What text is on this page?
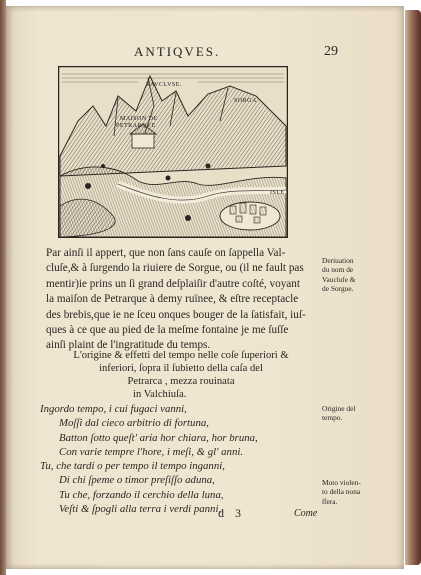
ANTIQVES.	29
VAVCLVSE.
MAISON DE
PETRARQVE
SORGA
ISLE

Par ainſi il appert, que non ſans cauſe on ſappella Val-
cluſe,& à ſurgendo la riuiere de Sorgue, ou (il ne fault pas
mentir)ie prins un ſi grand deſplaiſir d'autre coſté, voyant
la maiſon de Petrarque à demy ruïnee, & eſtre receptacle
des brebis,que ie ne ſceu onques bouger de la ſatisfait, iuſ-
ques à ce que au pied de la meſme fontaine je me ſuſſe
ainſi plaint de l'ingratitude du temps.

L'origine & effetti del tempo nelle coſe ſuperiori &
inferiori, ſopra il ſubietto della caſa del
Petrarca , mezza rouinata
in Valchiuſa.

Ingordo tempo, i cui fugaci vanni,
Moſſi dal cieco arbitrio di fortuna,
Batton ſotto queſt' aria hor chiara, hor bruna,
Con varie tempre l'hore, i meſi, & gl' anni.
Tu, che tardi o per tempo il tempo inganni,
Di chi ſpeme o timor preſiſſo aduna,
Tu che, forzando il cerchio della luna,
Veſti & ſpogli alla terra i verdi panni,

d 3	Come

Deriuation
du nom de
Vaucluſe &
de Sorgue.

Origine del
tempo.

Moto violen-
to della nona
ſfera.
